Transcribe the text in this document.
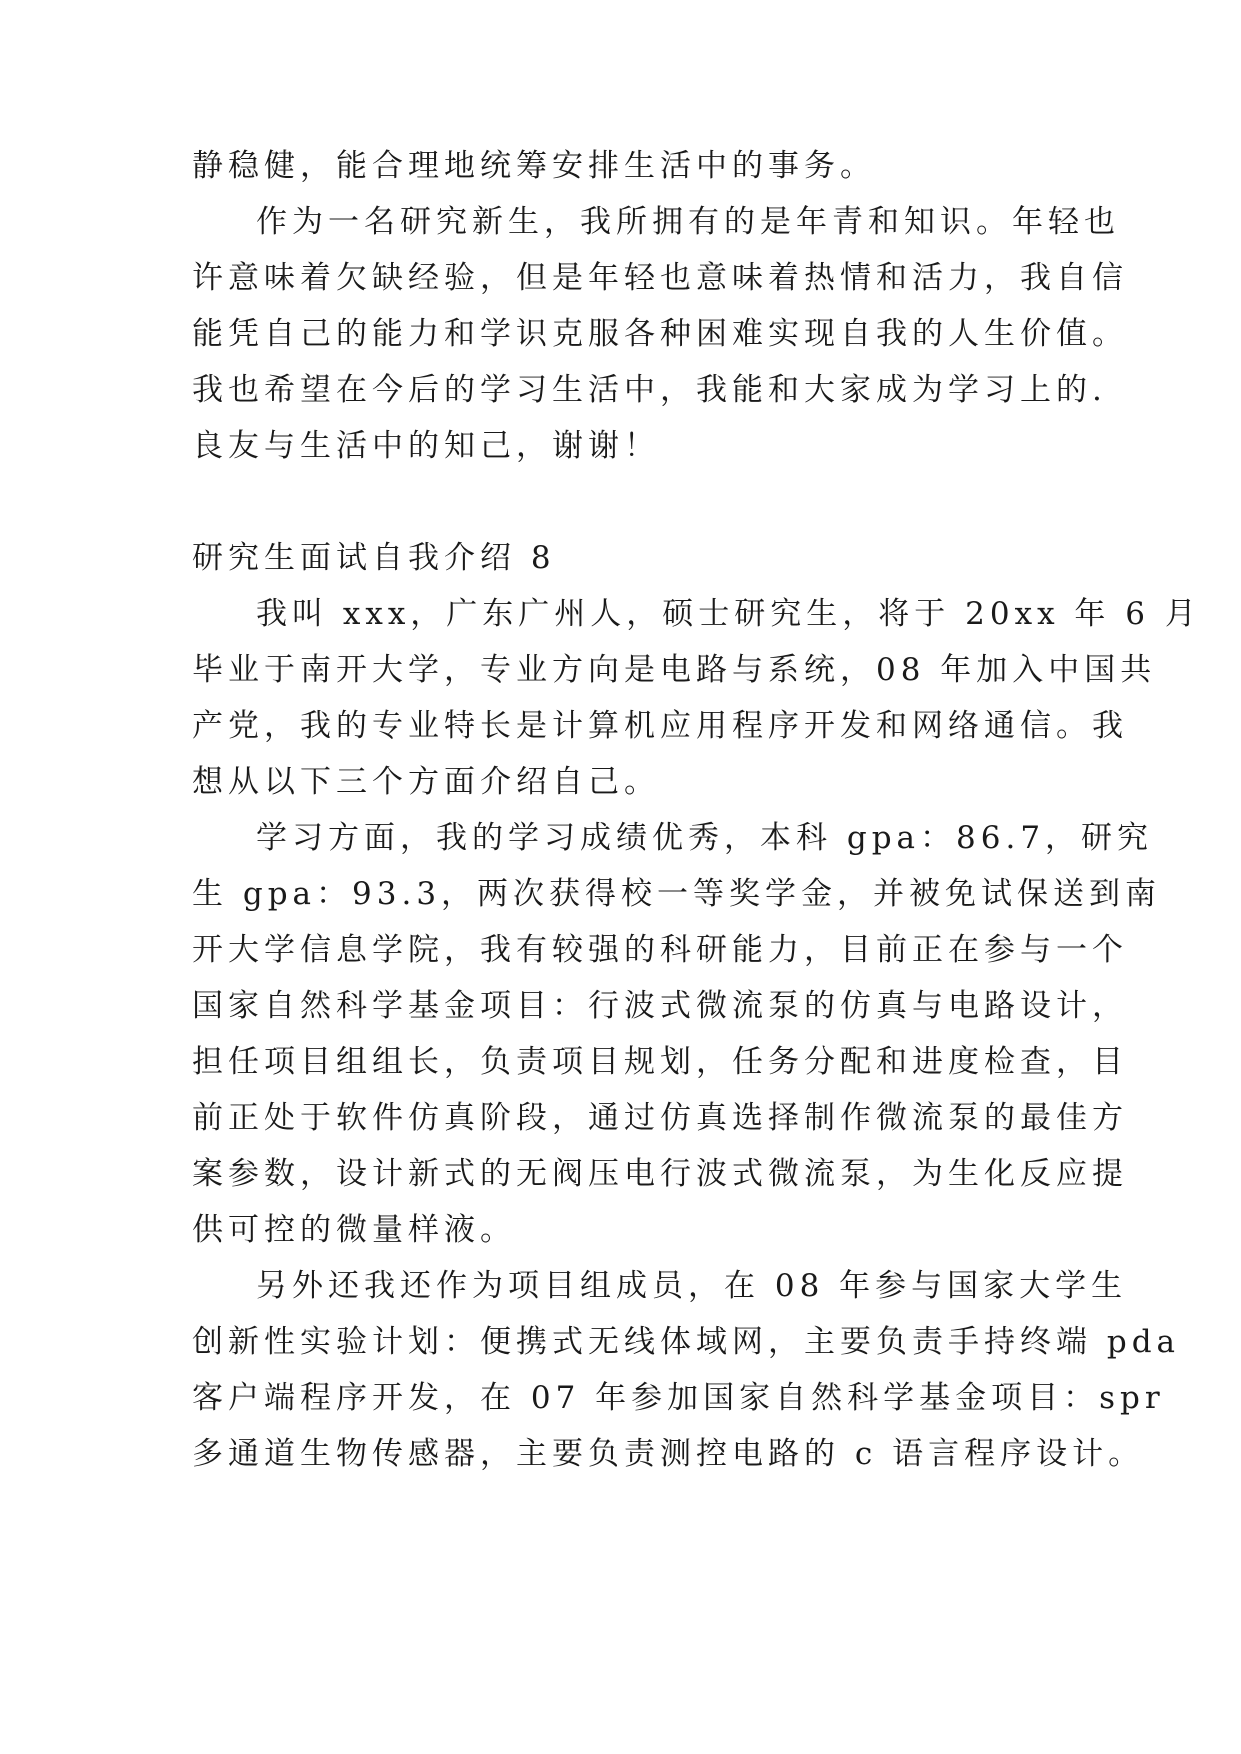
静稳健，能合理地统筹安排生活中的事务。
作为一名研究新生，我所拥有的是年青和知识。年轻也
许意味着欠缺经验，但是年轻也意味着热情和活力，我自信
能凭自己的能力和学识克服各种困难实现自我的人生价值。
我也希望在今后的学习生活中，我能和大家成为学习上的.
良友与生活中的知己，谢谢！
研究生面试自我介绍 8
我叫 xxx，广东广州人，硕士研究生，将于 20xx 年 6 月
毕业于南开大学，专业方向是电路与系统，08 年加入中国共
产党，我的专业特长是计算机应用程序开发和网络通信。我
想从以下三个方面介绍自己。
学习方面，我的学习成绩优秀，本科 gpa：86.7，研究
生 gpa：93.3，两次获得校一等奖学金，并被免试保送到南
开大学信息学院，我有较强的科研能力，目前正在参与一个
国家自然科学基金项目：行波式微流泵的仿真与电路设计，
担任项目组组长，负责项目规划，任务分配和进度检查，目
前正处于软件仿真阶段，通过仿真选择制作微流泵的最佳方
案参数，设计新式的无阀压电行波式微流泵，为生化反应提
供可控的微量样液。
另外还我还作为项目组成员，在 08 年参与国家大学生
创新性实验计划：便携式无线体域网，主要负责手持终端 pda
客户端程序开发，在 07 年参加国家自然科学基金项目：spr
多通道生物传感器，主要负责测控电路的 c 语言程序设计。
